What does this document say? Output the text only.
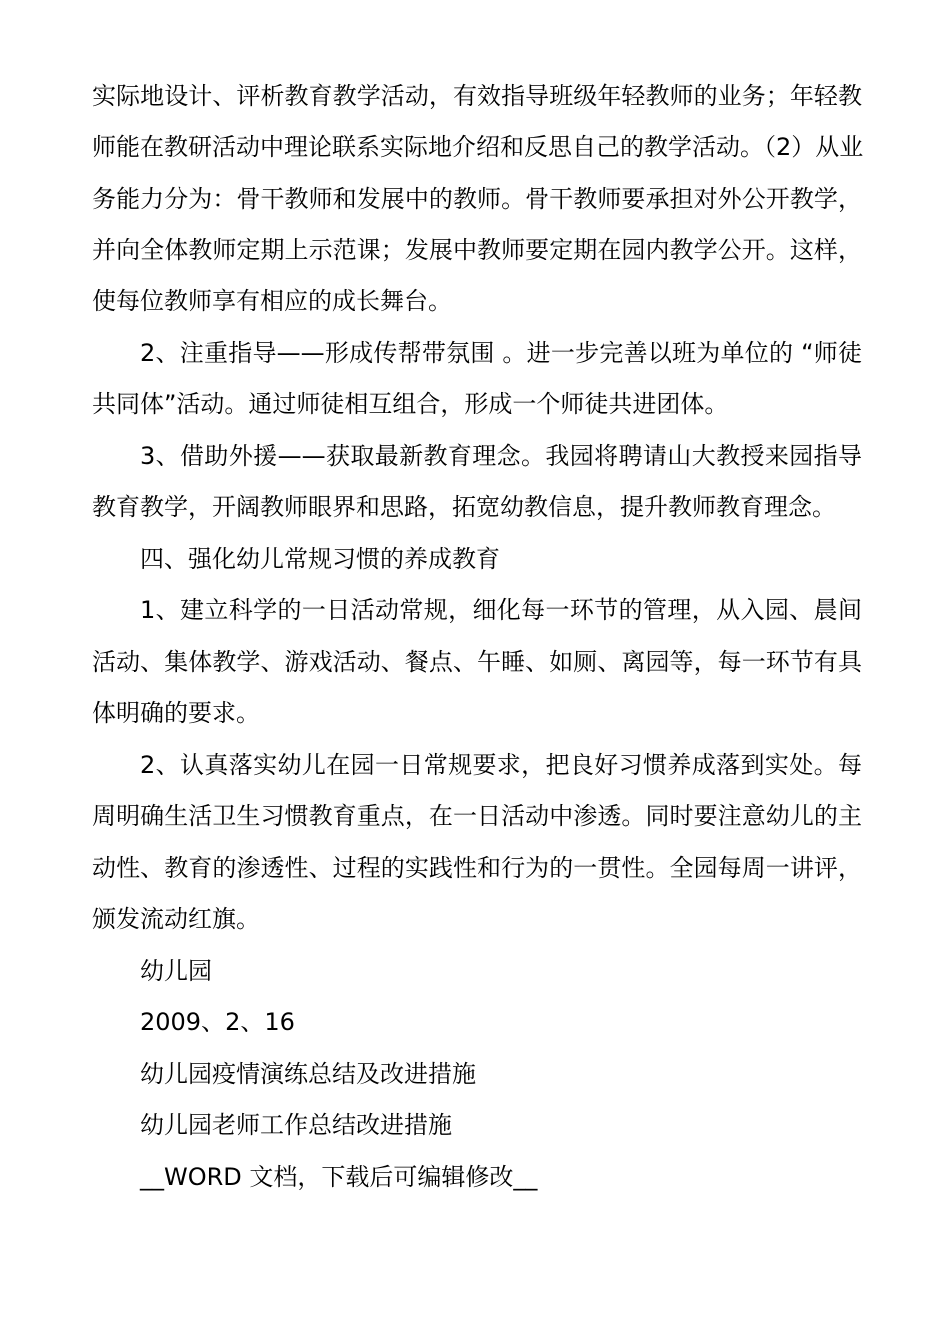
实际地设计、评析教育教学活动，有效指导班级年轻教师的业务；年轻教
师能在教研活动中理论联系实际地介绍和反思自己的教学活动。（2）从业
务能力分为：骨干教师和发展中的教师。骨干教师要承担对外公开教学，
并向全体教师定期上示范课；发展中教师要定期在园内教学公开。这样，
使每位教师享有相应的成长舞台。
2、注重指导——形成传帮带氛围 。进一步完善以班为单位的 “师徒
共同体”活动。通过师徒相互组合，形成一个师徒共进团体。
3、借助外援——获取最新教育理念。我园将聘请山大教授来园指导
教育教学，开阔教师眼界和思路，拓宽幼教信息，提升教师教育理念。
四、强化幼儿常规习惯的养成教育
1、建立科学的一日活动常规，细化每一环节的管理，从入园、晨间
活动、集体教学、游戏活动、餐点、午睡、如厕、离园等，每一环节有具
体明确的要求。
2、认真落实幼儿在园一日常规要求，把良好习惯养成落到实处。每
周明确生活卫生习惯教育重点，在一日活动中渗透。同时要注意幼儿的主
动性、教育的渗透性、过程的实践性和行为的一贯性。全园每周一讲评，
颁发流动红旗。
幼儿园
2009、2、16
幼儿园疫情演练总结及改进措施
幼儿园老师工作总结改进措施
__WORD 文档，下载后可编辑修改__
